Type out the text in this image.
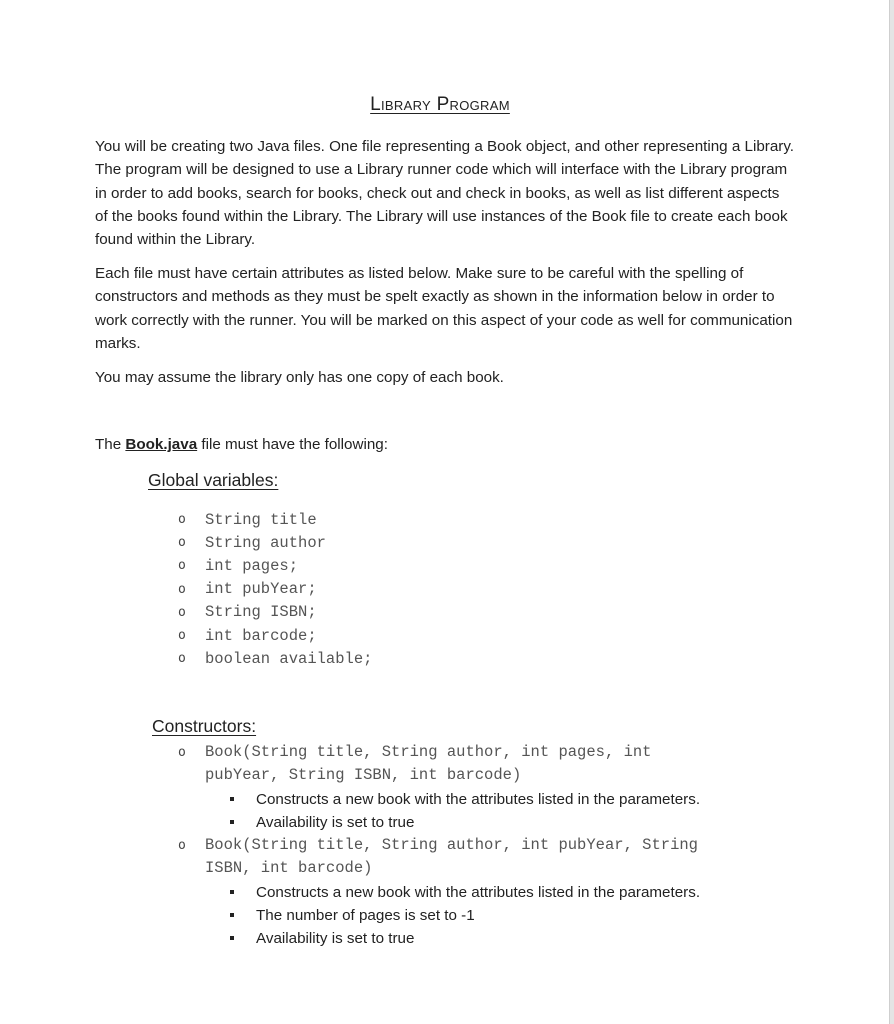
Library Program
You will be creating two Java files. One file representing a Book object, and other representing a Library. The program will be designed to use a Library runner code which will interface with the Library program in order to add books, search for books, check out and check in books, as well as list different aspects of the books found within the Library. The Library will use instances of the Book file to create each book found within the Library.
Each file must have certain attributes as listed below. Make sure to be careful with the spelling of constructors and methods as they must be spelt exactly as shown in the information below in order to work correctly with the runner. You will be marked on this aspect of your code as well for communication marks.
You may assume the library only has one copy of each book.
The Book.java file must have the following:
Global variables:
o	String title
o	String author
o	int pages;
o	int pubYear;
o	String ISBN;
o	int barcode;
o	boolean available;
Constructors:
o	Book(String title, String author, int pages, int
pubYear, String ISBN, int barcode)
Constructs a new book with the attributes listed in the parameters.
Availability is set to true
o	Book(String title, String author, int pubYear, String
ISBN, int barcode)
Constructs a new book with the attributes listed in the parameters.
The number of pages is set to -1
Availability is set to true
